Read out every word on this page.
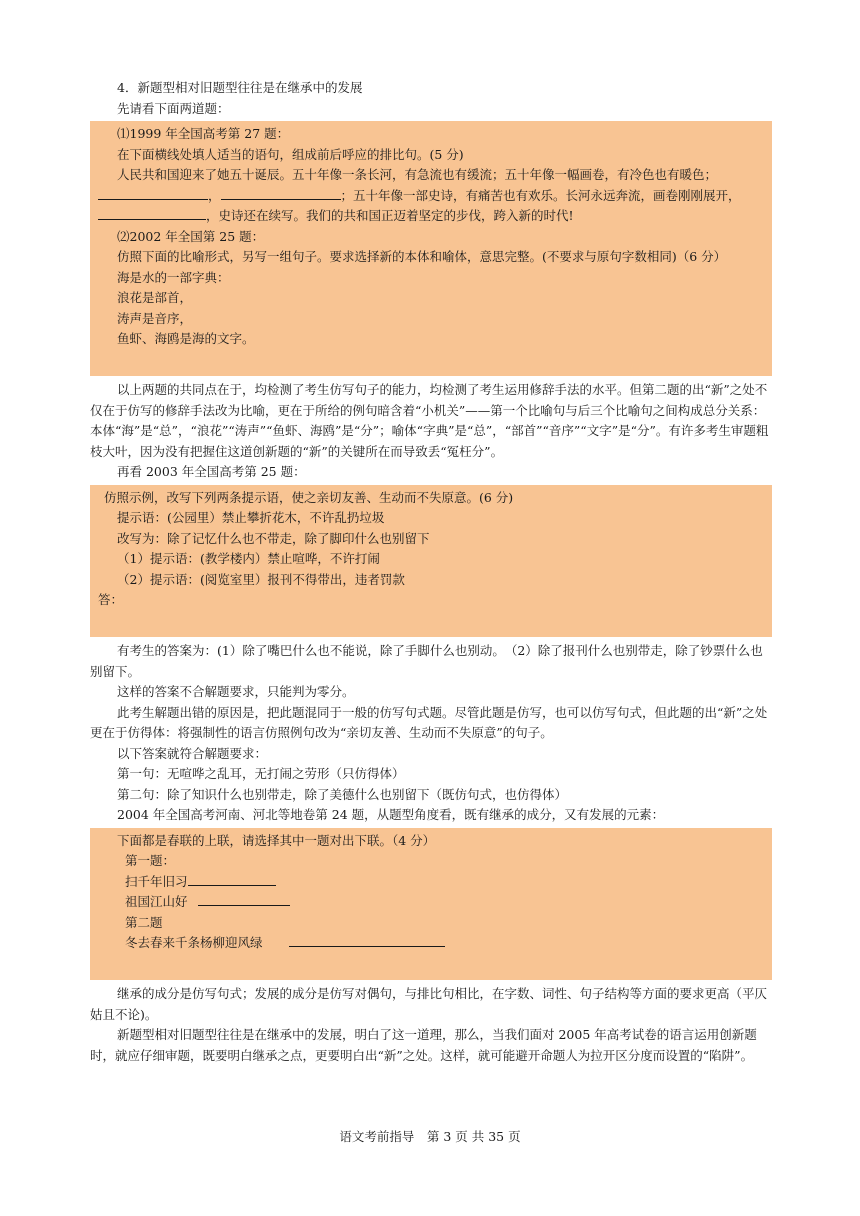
4．新题型相对旧题型往往是在继承中的发展

先请看下面两道题：

⑴1999 年全国高考第 27 题：

在下面横线处填人适当的语句，组成前后呼应的排比句。(5 分)

人民共和国迎来了她五十诞辰。五十年像一条长河，有急流也有缓流；五十年像一幅画卷，有冷色也有暖色；，	；五十年像一部史诗，有痛苦也有欢乐。长河永远奔流，画卷刚刚展开，，史诗还在续写。我们的共和国正迈着坚定的步伐，跨入新的时代!

⑵2002 年全国第 25 题：

仿照下面的比喻形式，另写一组句子。要求选择新的本体和喻体，意思完整。(不要求与原句字数相同)（6 分）

海是水的一部字典：

浪花是部首，

涛声是音序，

鱼虾、海鸥是海的文字。

以上两题的共同点在于，均检测了考生仿写句子的能力，均检测了考生运用修辞手法的水平。但第二题的出“新”之处不仅在于仿写的修辞手法改为比喻，更在于所给的例句暗含着“小机关”——第一个比喻句与后三个比喻句之间构成总分关系：本体“海”是“总”，“浪花”“涛声”“鱼虾、海鸥”是“分”；喻体“字典”是“总”，“部首”“音序”“文字”是“分”。有许多考生审题粗枝大叶，因为没有把握住这道创新题的“新”的关键所在而导致丢“冤枉分”。

再看 2003 年全国高考第 25 题：

仿照示例，改写下列两条提示语，使之亲切友善、生动而不失原意。(6 分)

提示语：(公园里）禁止攀折花木，不许乱扔垃圾

改写为：除了记忆什么也不带走，除了脚印什么也别留下

（1）提示语：(教学楼内）禁止喧哗，不许打闹

（2）提示语：(阅览室里）报刊不得带出，违者罚款

答：

有考生的答案为：(1）除了嘴巴什么也不能说，除了手脚什么也别动。　（2）除了报刊什么也别带走，除了钞票什么也别留下。

这样的答案不合解题要求，只能判为零分。

此考生解题出错的原因是，把此题混同于一般的仿写句式题。尽管此题是仿写，也可以仿写句式，但此题的出“新”之处更在于仿得体：将强制性的语言仿照例句改为“亲切友善、生动而不失原意”的句子。

以下答案就符合解题要求：

第一句：无喧哗之乱耳，无打闹之劳形（只仿得体）

第二句：除了知识什么也别带走，除了美德什么也别留下（既仿句式，也仿得体）

2004 年全国高考河南、河北等地卷第 24 题，从题型角度看，既有继承的成分，又有发展的元素：

下面都是春联的上联，请选择其中一题对出下联。（4 分）

第一题：

扫千年旧习

祖国江山好

第二题

冬去春来千条杨柳迎风绿

继承的成分是仿写句式；发展的成分是仿写对偶句，与排比句相比，在字数、词性、句子结构等方面的要求更高（平仄姑且不论)。

新题型相对旧题型往往是在继承中的发展，明白了这一道理，那么，当我们面对 2005 年高考试卷的语言运用创新题时，就应仔细审题，既要明白继承之点，更要明白出“新”之处。这样，就可能避开命题人为拉开区分度而设置的“陷阱”。

语文考前指导　第 3 页 共 35 页
